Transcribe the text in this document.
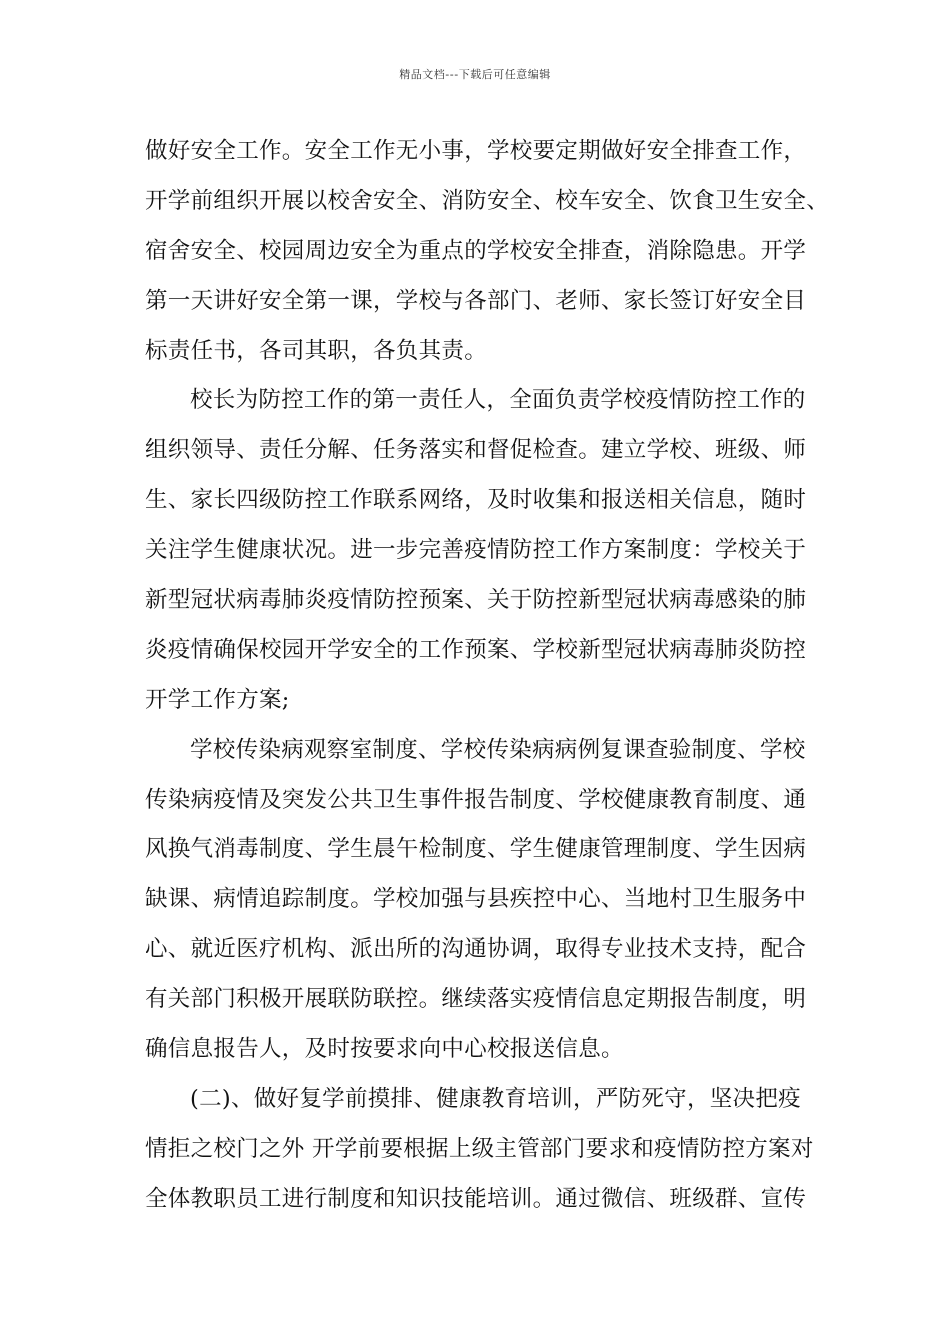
精品文档---下载后可任意编辑
做好安全工作。安全工作无小事，学校要定期做好安全排查工作，
开学前组织开展以校舍安全、消防安全、校车安全、饮食卫生安全、
宿舍安全、校园周边安全为重点的学校安全排查，消除隐患。开学
第一天讲好安全第一课，学校与各部门、老师、家长签订好安全目
标责任书，各司其职，各负其责。
校长为防控工作的第一责任人，全面负责学校疫情防控工作的
组织领导、责任分解、任务落实和督促检查。建立学校、班级、师
生、家长四级防控工作联系网络，及时收集和报送相关信息，随时
关注学生健康状况。进一步完善疫情防控工作方案制度：学校关于
新型冠状病毒肺炎疫情防控预案、关于防控新型冠状病毒感染的肺
炎疫情确保校园开学安全的工作预案、学校新型冠状病毒肺炎防控
开学工作方案;
学校传染病观察室制度、学校传染病病例复课查验制度、学校
传染病疫情及突发公共卫生事件报告制度、学校健康教育制度、通
风换气消毒制度、学生晨午检制度、学生健康管理制度、学生因病
缺课、病情追踪制度。学校加强与县疾控中心、当地村卫生服务中
心、就近医疗机构、派出所的沟通协调，取得专业技术支持，配合
有关部门积极开展联防联控。继续落实疫情信息定期报告制度，明
确信息报告人，及时按要求向中心校报送信息。
(二)、做好复学前摸排、健康教育培训，严防死守，坚决把疫
情拒之校门之外 开学前要根据上级主管部门要求和疫情防控方案对
全体教职员工进行制度和知识技能培训。通过微信、班级群、宣传
